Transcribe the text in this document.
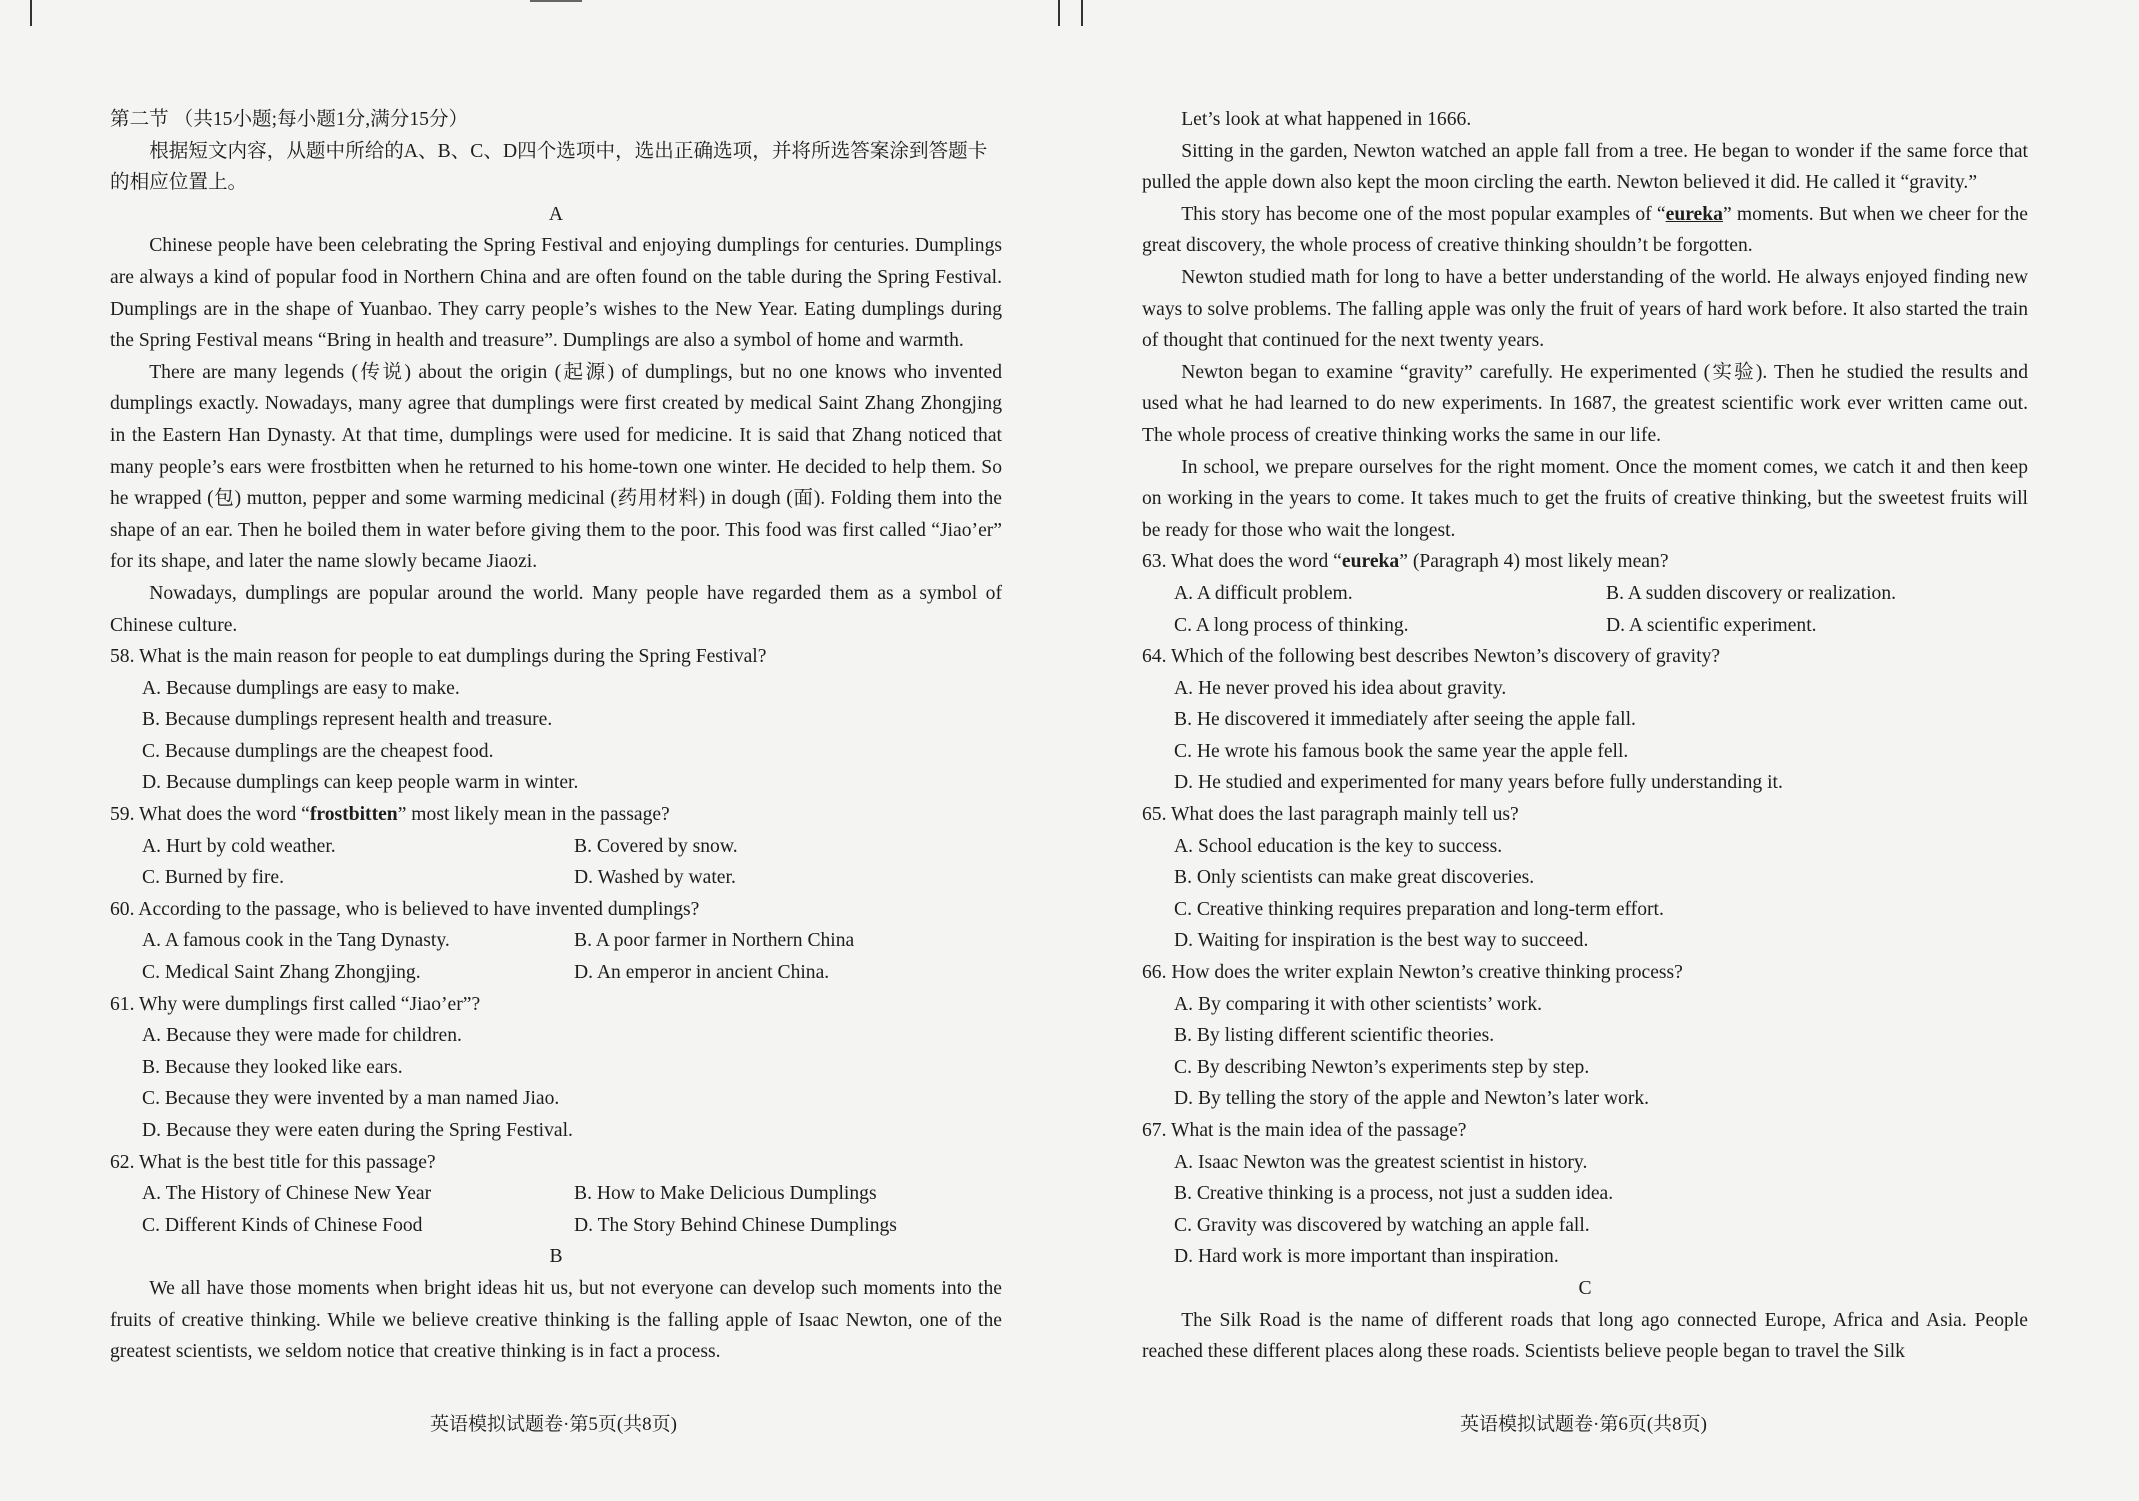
第二节 （共15小题;每小题1分,满分15分）

根据短文内容，从题中所给的A、B、C、D四个选项中，选出正确选项，并将所选答案涂到答题卡

的相应位置上。

A

Chinese people have been celebrating the Spring Festival and enjoying dumplings for centuries. Dumplings are always a kind of popular food in Northern China and are often found on the table during the Spring Festival. Dumplings are in the shape of Yuanbao. They carry people’s wishes to the New Year. Eating dumplings during the Spring Festival means “Bring in health and treasure”. Dumplings are also a symbol of home and warmth.

There are many legends (传说) about the origin (起源) of dumplings, but no one knows who invented dumplings exactly. Nowadays, many agree that dumplings were first created by medical Saint Zhang Zhongjing in the Eastern Han Dynasty. At that time, dumplings were used for medicine. It is said that Zhang noticed that many people’s ears were frostbitten when he returned to his home-town one winter. He decided to help them. So he wrapped (包) mutton, pepper and some warming medicinal (药用材料) in dough (面). Folding them into the shape of an ear. Then he boiled them in water before giving them to the poor. This food was first called “Jiao’er” for its shape, and later the name slowly became Jiaozi.

Nowadays, dumplings are popular around the world. Many people have regarded them as a symbol of Chinese culture.

58. What is the main reason for people to eat dumplings during the Spring Festival?

A. Because dumplings are easy to make.

B. Because dumplings represent health and treasure.

C. Because dumplings are the cheapest food.

D. Because dumplings can keep people warm in winter.

59. What does the word “frostbitten” most likely mean in the passage?

A. Hurt by cold weather.	B. Covered by snow.
C. Burned by fire.	D. Washed by water.

60. According to the passage, who is believed to have invented dumplings?

A. A famous cook in the Tang Dynasty.	B. A poor farmer in Northern China
C. Medical Saint Zhang Zhongjing.	D. An emperor in ancient China.

61. Why were dumplings first called “Jiao’er”?

A. Because they were made for children.

B. Because they looked like ears.

C. Because they were invented by a man named Jiao.

D. Because they were eaten during the Spring Festival.

62. What is the best title for this passage?

A. The History of Chinese New Year	B. How to Make Delicious Dumplings
C. Different Kinds of Chinese Food	D. The Story Behind Chinese Dumplings

B

We all have those moments when bright ideas hit us, but not everyone can develop such moments into the fruits of creative thinking. While we believe creative thinking is the falling apple of Isaac Newton, one of the greatest scientists, we seldom notice that creative thinking is in fact a process.

Let’s look at what happened in 1666.

Sitting in the garden, Newton watched an apple fall from a tree. He began to wonder if the same force that pulled the apple down also kept the moon circling the earth. Newton believed it did. He called it “gravity.”

This story has become one of the most popular examples of “eureka” moments. But when we cheer for the great discovery, the whole process of creative thinking shouldn’t be forgotten.

Newton studied math for long to have a better understanding of the world. He always enjoyed finding new ways to solve problems. The falling apple was only the fruit of years of hard work before. It also started the train of thought that continued for the next twenty years.

Newton began to examine “gravity” carefully. He experimented (实验). Then he studied the results and used what he had learned to do new experiments. In 1687, the greatest scientific work ever written came out. The whole process of creative thinking works the same in our life.

In school, we prepare ourselves for the right moment. Once the moment comes, we catch it and then keep on working in the years to come. It takes much to get the fruits of creative thinking, but the sweetest fruits will be ready for those who wait the longest.

63. What does the word “eureka” (Paragraph 4) most likely mean?

A. A difficult problem.	B. A sudden discovery or realization.
C. A long process of thinking.	D. A scientific experiment.

64. Which of the following best describes Newton’s discovery of gravity?

A. He never proved his idea about gravity.

B. He discovered it immediately after seeing the apple fall.

C. He wrote his famous book the same year the apple fell.

D. He studied and experimented for many years before fully understanding it.

65. What does the last paragraph mainly tell us?

A. School education is the key to success.

B. Only scientists can make great discoveries.

C. Creative thinking requires preparation and long-term effort.

D. Waiting for inspiration is the best way to succeed.

66. How does the writer explain Newton’s creative thinking process?

A. By comparing it with other scientists’ work.

B. By listing different scientific theories.

C. By describing Newton’s experiments step by step.

D. By telling the story of the apple and Newton’s later work.

67. What is the main idea of the passage?

A. Isaac Newton was the greatest scientist in history.

B. Creative thinking is a process, not just a sudden idea.

C. Gravity was discovered by watching an apple fall.

D. Hard work is more important than inspiration.

C

The Silk Road is the name of different roads that long ago connected Europe, Africa and Asia. People reached these different places along these roads. Scientists believe people began to travel the Silk

英语模拟试题卷·第5页(共8页)	英语模拟试题卷·第6页(共8页)
